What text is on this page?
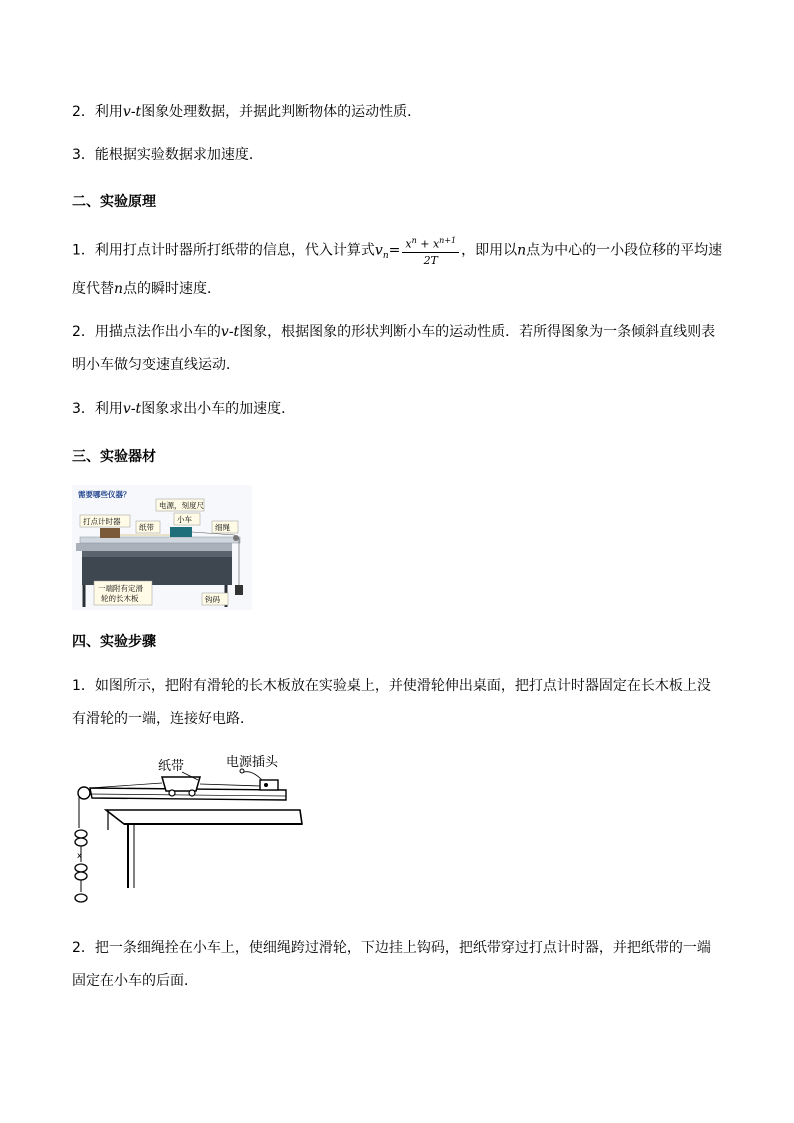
2．利用v-t图象处理数据，并据此判断物体的运动性质．

3．能根据实验数据求加速度．

二、实验原理

1．利用打点计时器所打纸带的信息，代入计算式$v_n= \frac{x^n + x^{n+1}}{2T}$ ，即用以n点为中心的一小段位移的平均速度代替n点的瞬时速度．

2．用描点法作出小车的v-t图象，根据图象的形状判断小车的运动性质．若所得图象为一条倾斜直线则表明小车做匀变速直线运动．

3．利用v-t图象求出小车的加速度．

三、实验器材

需要哪些仪器？
电源，刻度尺
打点计时器	小车
纸带	细绳
一端附有定滑
轮的长木板	钩码

四、实验步骤

1．如图所示，把附有滑轮的长木板放在实验桌上，并使滑轮伸出桌面，把打点计时器固定在长木板上没有滑轮的一端，连接好电路．

x
纸带	电源插头

2．把一条细绳拴在小车上，使细绳跨过滑轮，下边挂上钩码，把纸带穿过打点计时器，并把纸带的一端固定在小车的后面．
